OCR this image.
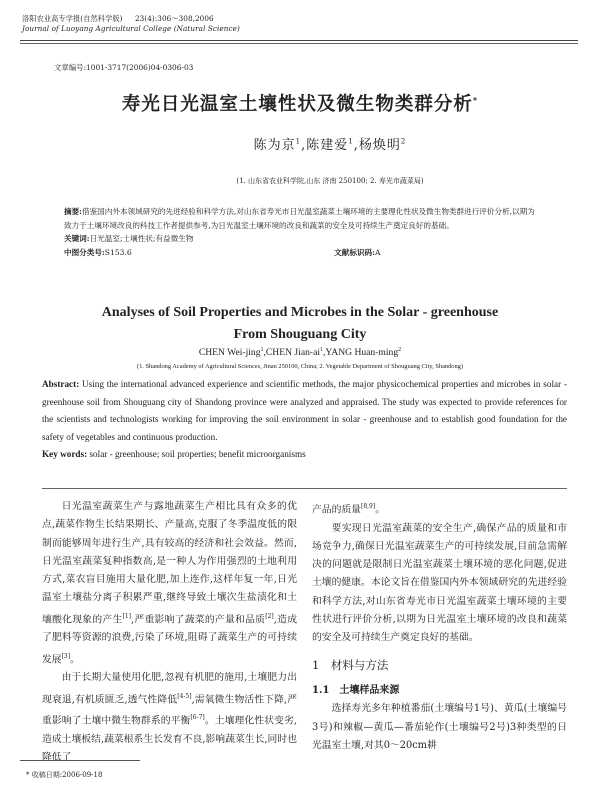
洛阳农业高专学报(自然科学版) 23(4):306～308,2006
Journal of Luoyang Agricultural College (Natural Science)
文章编号:1001-3717(2006)04-0306-03
寿光日光温室土壤性状及微生物类群分析*
陈为京$^1$,陈建爱$^1$,杨焕明$^2$
(1. 山东省农业科学院,山东 济南 250100; 2. 寿光市蔬菜局)
摘要:借鉴国内外本领域研究的先进经验和科学方法,对山东省寿光市日光温室蔬菜土壤环境的主要理化性状及微生物类群进行评价分析,以期为致力于土壤环境改良的科技工作者提供参考,为日光温室土壤环境的改良和蔬菜的安全及可持续生产奠定良好的基础。
关键词:日光温室;土壤性状;有益微生物
中图分类号:S153.6	文献标识码:A
Analyses of Soil Properties and Microbes in the Solar - greenhouse
From Shouguang City
CHEN Wei-jing$^1$,CHEN Jian-$ai^1,YANG$ Huan-ming$^2$
(1. Shandong Academy of Agricultural Sciences, Jinan 250100, China; 2. Vegetable Department of Shouguang City, Shandong)
Abstract: Using the international advanced experience and scientific methods, the major physicochemical properties and microbes in solar - greenhouse soil from Shouguang city of Shandong province were analyzed and appraised. The study was expected to provide references for the scientists and technologists working for improving the soil environment in solar - greenhouse and to establish good foundation for the safety of vegetables and continuous production.
Key words: solar - greenhouse; soil properties; benefit microorganisms

日光温室蔬菜生产与露地蔬菜生产相比具有众多的优点,蔬菜作物生长结果期长、产量高,克服了冬季温度低的限制而能够周年进行生产,具有较高的经济和社会效益。然而,日光温室蔬菜复种指数高,是一种人为作用强烈的土地利用方式,菜农盲目施用大量化肥,加上连作,这样年复一年,日光温室土壤盐分离子积累严重,继终导致土壤次生盐渍化和土壤酸化现象的产生[1],严重影响了蔬菜的产量和品质[2],造成了肥料等资源的浪费,污染了环境,阻碍了蔬菜生产的可持续发展[3]。

由于长期大量使用化肥,忽视有机肥的施用,土壤肥力出现衰退,有机质匮乏,透气性降低[4-5],需氧微生物活性下降,严重影响了土壤中微生物群系的平衡[6-7]。土壤理化性状变劣,造成土壤板结,蔬菜根系生长发育不良,影响蔬菜生长,同时也降低了

产品的质量[8,9]。

要实现日光温室蔬菜的安全生产,确保产品的质量和市场竞争力,确保日光温室蔬菜生产的可持续发展,目前急需解决的问题就是限制日光温室蔬菜土壤环境的恶化问题,促进土壤的健康。本论文旨在借鉴国内外本领域研究的先进经验和科学方法,对山东省寿光市日光温室蔬菜土壤环境的主要性状进行评价分析,以期为日光温室土壤环境的改良和蔬菜的安全及可持续生产奠定良好的基础。

1　材料与方法
1.1　土壤样品来源

选择寿光多年种植番茄(土壤编号1号)、黄瓜(土壤编号3号)和辣椒—黄瓜—番茄轮作(土壤编号2号)3种类型的日光温室土壤,对其0～20cm耕

* 收稿日期:2006-09-18
